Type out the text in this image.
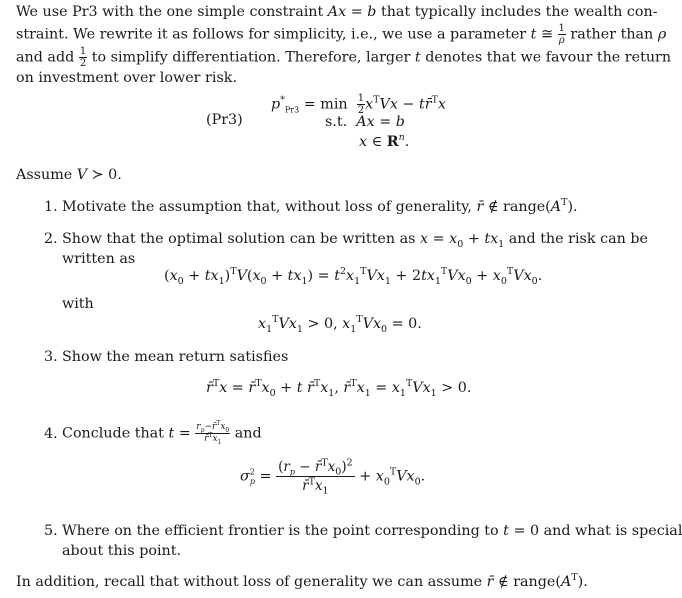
We use Pr3 with the one simple constraint Ax = b that typically includes the wealth con-
straint. We rewrite it as follows for simplicity, i.e., we use a parameter t ≅ $\frac{1}{\rho}$ rather than ρ
and add $\frac{1}{2}$ to simplify differentiation. Therefore, larger t denotes that we favour the return
on investment over lower risk.
(Pr3)
$p^*_{Pr3} = \min \frac{1}{2} x^TVx$ − tr̄$^T$x
s.t.  Ax = b
x ∈ $R^n$.
Assume V ≻ 0.
1. Motivate the assumption that, without loss of generality, r̄ ∉ $range(A^T)$.
2. Show that the optimal solution can be written as $x = x_0 + tx_1$ and the risk can be
written as
$(x_0 + tx_1)^TV(x_0 + tx_1) = t^2x_1^TVx_1 + 2tx_1^TVx_0 + x_0^TVx_0$.
with
$x_1^TVx_1 > 0$, $x_1^TVx_0 = 0$.
3. Show the mean return satisfies
r̄$^T$x = $r̄^Tx_0 + t$ $r̄^Tx_1$, $r̄^Tx_1 = x_1^TVx_1 > 0$.
4. Conclude that $t = \frac{r_p-r̄^Tx_0}{r̄^Tx_1}$ and
$\sigma^2_p = \frac{(r_p - r̄^Tx_0)^2}{r̄^Tx_1} + x_0^TVx_0$.
5. Where on the efficient frontier is the point corresponding to t = 0 and what is special
about this point.
In addition, recall that without loss of generality we can assume r̄ ∉ $range(A^T)$.
